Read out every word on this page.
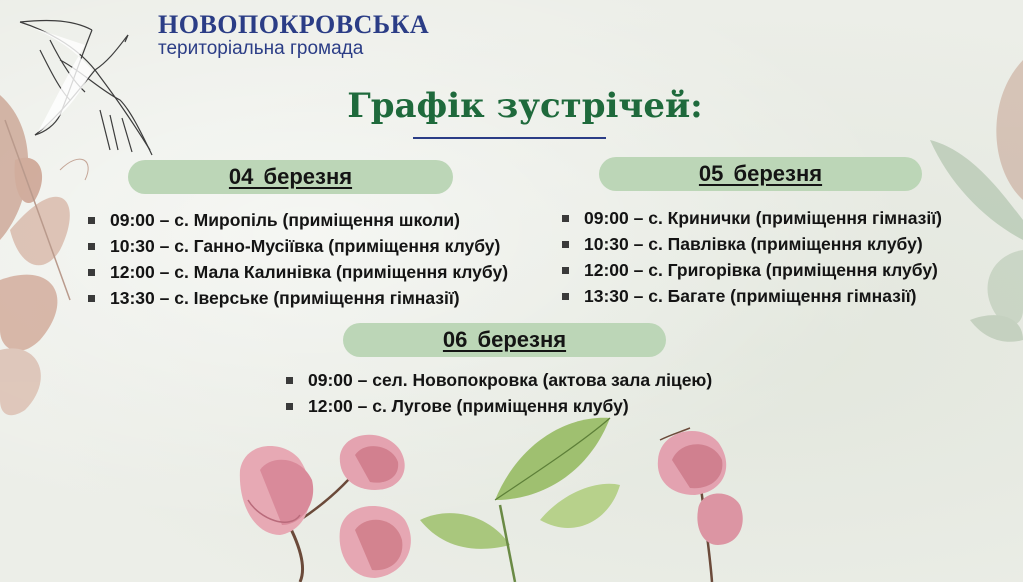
НОВОПОКРОВСЬКА
територіальна громада
Графік зустрічей:
04 березня
09:00 – с. Миропіль (приміщення школи)
10:30 – с. Ганно-Мусіївка (приміщення клубу)
12:00 – с. Мала Калинівка (приміщення клубу)
13:30 – с. Іверське (приміщення гімназії)
05 березня
09:00 – с. Кринички (приміщення гімназії)
10:30 – с. Павлівка (приміщення клубу)
12:00 – с. Григорівка (приміщення клубу)
13:30 – с. Багате (приміщення гімназії)
06 березня
09:00 – сел. Новопокровка (актова зала ліцею)
12:00 – с. Лугове (приміщення клубу)
